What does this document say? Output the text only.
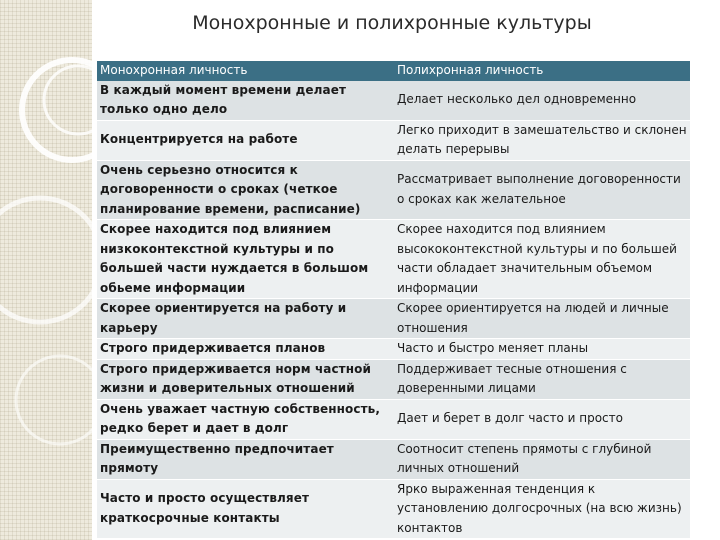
Монохронные и полихронные культуры
Монохронная личность	Полихронная личность
В каждый момент времени делает только одно дело	Делает несколько дел одновременно
Концентрируется на работе	Легко приходит в замешательство и склонен делать перерывы
Очень серьезно относится к договоренности о сроках (четкое планирование времени, расписание)	Рассматривает выполнение договоренности о сроках как желательное
Скорее находится под влиянием низкоконтекстной культуры и по большей части нуждается в большом обьеме информации	Скорее находится под влиянием высококонтекстной культуры и по большей части обладает значительным объемом информации
Скорее ориентируется на работу и карьеру	Скорее ориентируется на людей и личные отношения
Строго придерживается планов	Часто и быстро меняет планы
Строго придерживается норм частной жизни и доверительных отношений	Поддерживает тесные отношения с доверенными лицами
Очень уважает частную собственность, редко берет и дает в долг	Дает и берет в долг часто и просто
Преимущественно предпочитает прямоту	Соотносит степень прямоты с глубиной личных отношений
Часто и просто осуществляет краткосрочные контакты	Ярко выраженная тенденция к установлению долгосрочных (на всю жизнь) контактов
